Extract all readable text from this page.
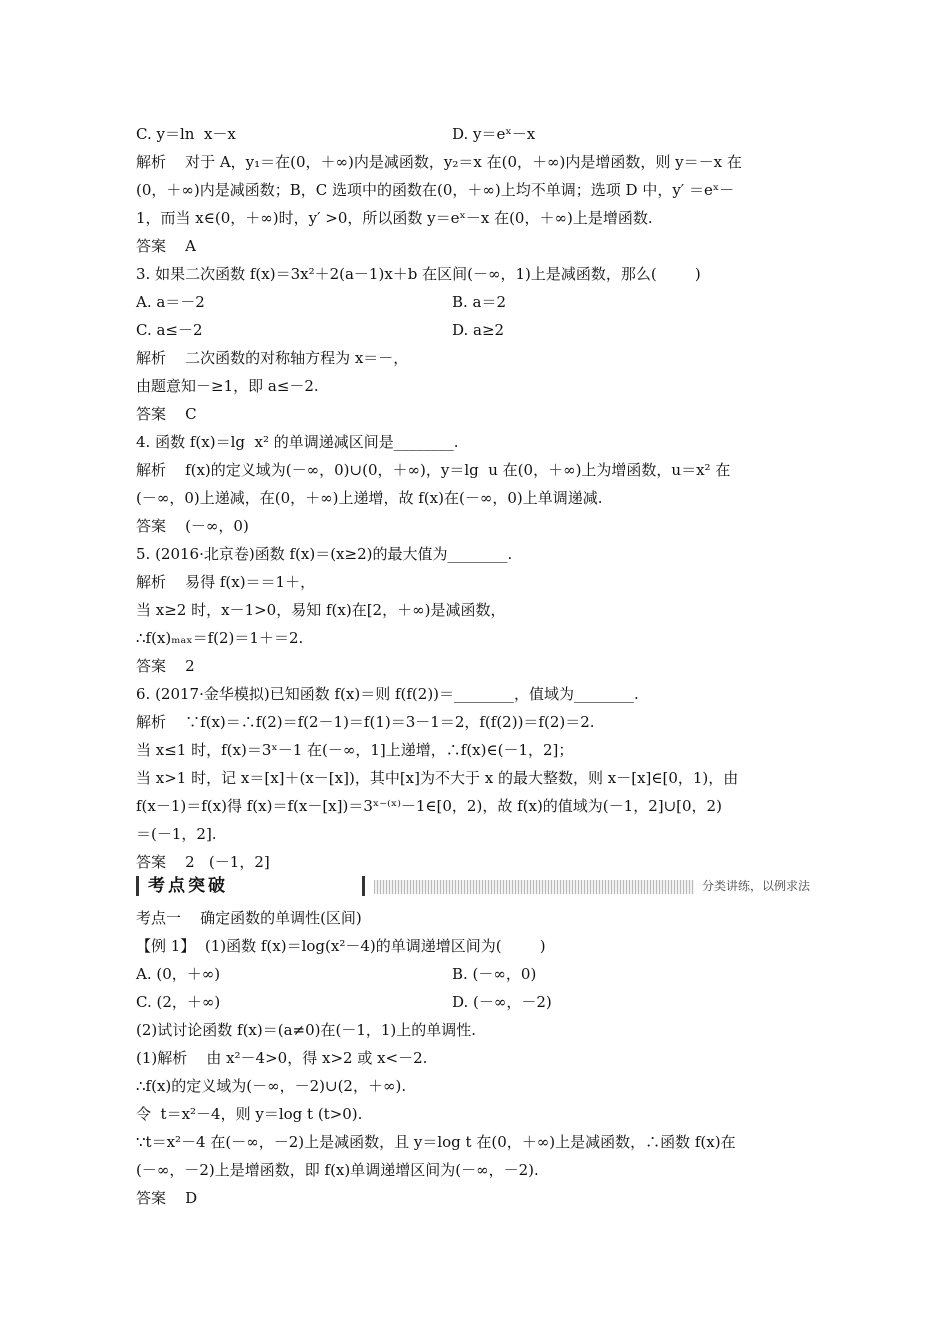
C. y＝ln  x－x
解析    对于 A，y₁＝在(0，＋∞)内是减函数，y₂＝x 在(0，＋∞)内是增函数，则 y＝－x 在
(0，＋∞)内是减函数；B，C 选项中的函数在(0，＋∞)上均不单调；选项 D 中，y′ ＝eˣ－
1，而当 x∈(0，＋∞)时，y′ >0，所以函数 y＝eˣ－x 在(0，＋∞)上是增函数.
答案    A
3. 如果二次函数 f(x)＝3x²＋2(a－1)x＋b 在区间(－∞，1)上是减函数，那么(        )
A. a＝－2
C. a≤－2
解析    二次函数的对称轴方程为 x＝－，
由题意知－≥1，即 a≤－2.
答案    C
4. 函数 f(x)＝lg  x² 的单调递减区间是________.
解析    f(x)的定义域为(－∞，0)∪(0，＋∞)，y＝lg  u 在(0，＋∞)上为增函数，u＝x² 在
(－∞，0)上递减，在(0，＋∞)上递增，故 f(x)在(－∞，0)上单调递减.
答案    (－∞，0)
5. (2016·北京卷)函数 f(x)＝(x≥2)的最大值为________.
解析    易得 f(x)＝＝1＋，
当 x≥2 时，x－1>0，易知 f(x)在[2，＋∞)是减函数，
∴f(x)ₘₐₓ＝f(2)＝1＋＝2.
答案    2
6. (2017·金华模拟)已知函数 f(x)＝则 f(f(2))＝________，值域为________.
解析    ∵f(x)＝∴f(2)＝f(2－1)＝f(1)＝3－1＝2，f(f(2))＝f(2)＝2.
当 x≤1 时，f(x)＝3ˣ－1 在(－∞，1]上递增，∴f(x)∈(－1，2]；
当 x>1 时，记 x＝[x]＋(x－[x])，其中[x]为不大于 x 的最大整数，则 x－[x]∈[0，1)，由
f(x－1)＝f(x)得 f(x)＝f(x－[x])＝3ˣ⁻⁽ˣ⁾－1∈[0，2)，故 f(x)的值域为(－1，2]∪[0，2)
＝(－1，2].
答案    2   (－1，2]
考点一    确定函数的单调性(区间)
【例 1】  (1)函数 f(x)＝log(x²－4)的单调递增区间为(        )
A. (0，＋∞)
C. (2，＋∞)
(2)试讨论函数 f(x)＝(a≠0)在(－1，1)上的单调性.
(1)解析    由 x²－4>0，得 x>2 或 x<－2.
∴f(x)的定义域为(－∞，－2)∪(2，＋∞).
令  t＝x²－4，则 y＝log t (t>0).
∵t＝x²－4 在(－∞，－2)上是减函数，且 y＝log t 在(0，＋∞)上是减函数，∴函数 f(x)在
(－∞，－2)上是增函数，即 f(x)单调递增区间为(－∞，－2).
答案    D
D. y＝eˣ－x
B. a＝2
D. a≥2
B. (－∞，0)
D. (－∞，－2)
考点突破	分类讲练，以例求法
